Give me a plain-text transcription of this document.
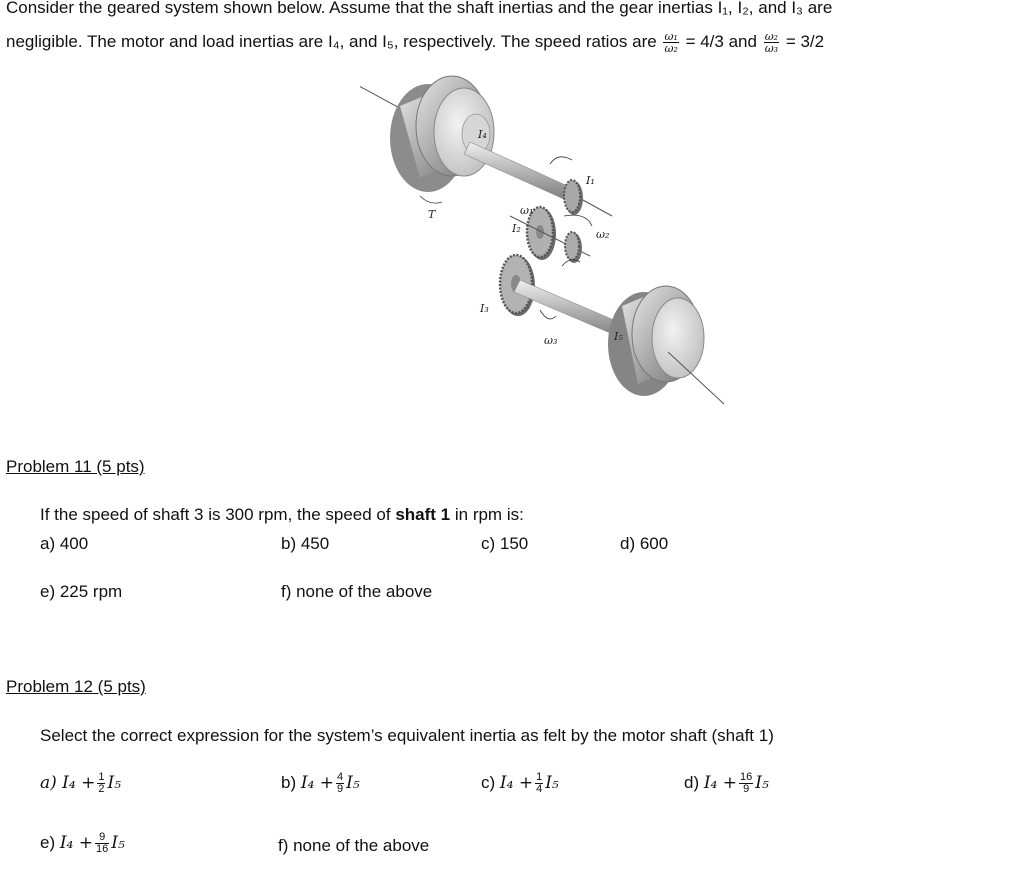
Consider the geared system shown below. Assume that the shaft inertias and the gear inertias I₁, I₂, and I₃ are
negligible. The motor and load inertias are I₄, and I₅, respectively. The speed ratios are $\frac{\text{ω₁}}{\text{ω₂}} = 4/3$ and $\frac{\text{ω₂}}{\text{ω₃}} = 3/2$
I₄
T	ω₁
I₂
I₁
ω₂
I₃
ω₃	I₅
Problem 11 (5 pts)
If the speed of shaft 3 is 300 rpm, the speed of shaft 1 in rpm is:
a) 400	b) 450	c) 150	d) 600
e) 225 rpm	f) none of the above
Problem 12 (5 pts)
Select the correct expression for the system’s equivalent inertia as felt by the motor shaft (shaft 1)
a) $I_4 + \frac{1}{2} I_5$	b) $I_4 + \frac{4}{9} I_5$	c) $I_4 + \frac{1}{4} I_5$	d) $I_4 + \frac{16}{9} I_5$
e) $I_4 + \frac{9}{16} I_5$	f) none of the above
